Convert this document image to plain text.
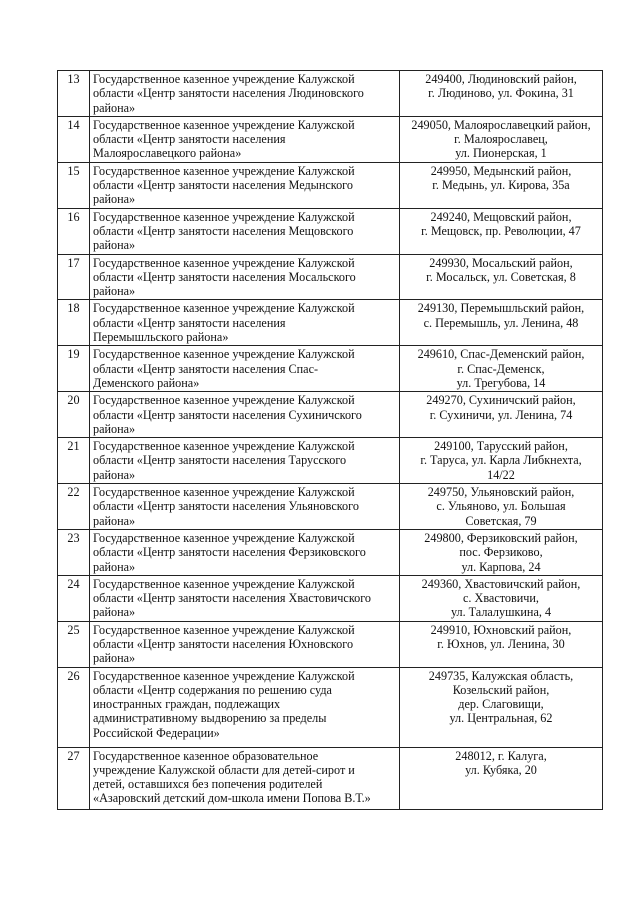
13	Государственное казенное учреждение Калужской
области «Центр занятости населения Людиновского
района»	249400, Людиновский район,
г. Людиново, ул. Фокина, 31

14	Государственное казенное учреждение Калужской
области «Центр занятости населения
Малоярославецкого района»	249050, Малоярославецкий район,
г. Малоярославец,
ул. Пионерская, 1

15	Государственное казенное учреждение Калужской
области «Центр занятости населения Медынского
района»	249950, Медынский район,
г. Медынь, ул. Кирова, 35а

16	Государственное казенное учреждение Калужской
области «Центр занятости населения Мещовского
района»	249240, Мещовский район,
г. Мещовск, пр. Революции, 47

17	Государственное казенное учреждение Калужской
области «Центр занятости населения Мосальского
района»	249930, Мосальский район,
г. Мосальск, ул. Советская, 8

18	Государственное казенное учреждение Калужской
области «Центр занятости населения
Перемышльского района»	249130, Перемышльский район,
с. Перемышль, ул. Ленина, 48

19	Государственное казенное учреждение Калужской
области «Центр занятости населения Спас-
Деменского района»	249610, Спас-Деменский район,
г. Спас-Деменск,
ул. Трегубова, 14

20	Государственное казенное учреждение Калужской
области «Центр занятости населения Сухиничского
района»	249270, Сухиничский район,
г. Сухиничи, ул. Ленина, 74

21	Государственное казенное учреждение Калужской
области «Центр занятости населения Тарусского
района»	249100, Тарусский район,
г. Таруса, ул. Карла Либкнехта,
14/22

22	Государственное казенное учреждение Калужской
области «Центр занятости населения Ульяновского
района»	249750, Ульяновский район,
с. Ульяново, ул. Большая
Советская, 79

23	Государственное казенное учреждение Калужской
области «Центр занятости населения Ферзиковского
района»	249800, Ферзиковский район,
пос. Ферзиково,
ул. Карпова, 24

24	Государственное казенное учреждение Калужской
области «Центр занятости населения Хвастовичского
района»	249360, Хвастовичский район,
с. Хвастовичи,
ул. Талалушкина, 4

25	Государственное казенное учреждение Калужской
области «Центр занятости населения Юхновского
района»	249910, Юхновский район,
г. Юхнов, ул. Ленина, 30

26	Государственное казенное учреждение Калужской
области «Центр содержания по решению суда
иностранных граждан, подлежащих
административному выдворению за пределы
Российской Федерации»	249735, Калужская область,
Козельский район,
дер. Слаговищи,
ул. Центральная, 62

27	Государственное казенное образовательное
учреждение Калужской области для детей-сирот и
детей, оставшихся без попечения родителей
«Азаровский детский дом-школа имени Попова В.Т.»	248012, г. Калуга,
ул. Кубяка, 20
